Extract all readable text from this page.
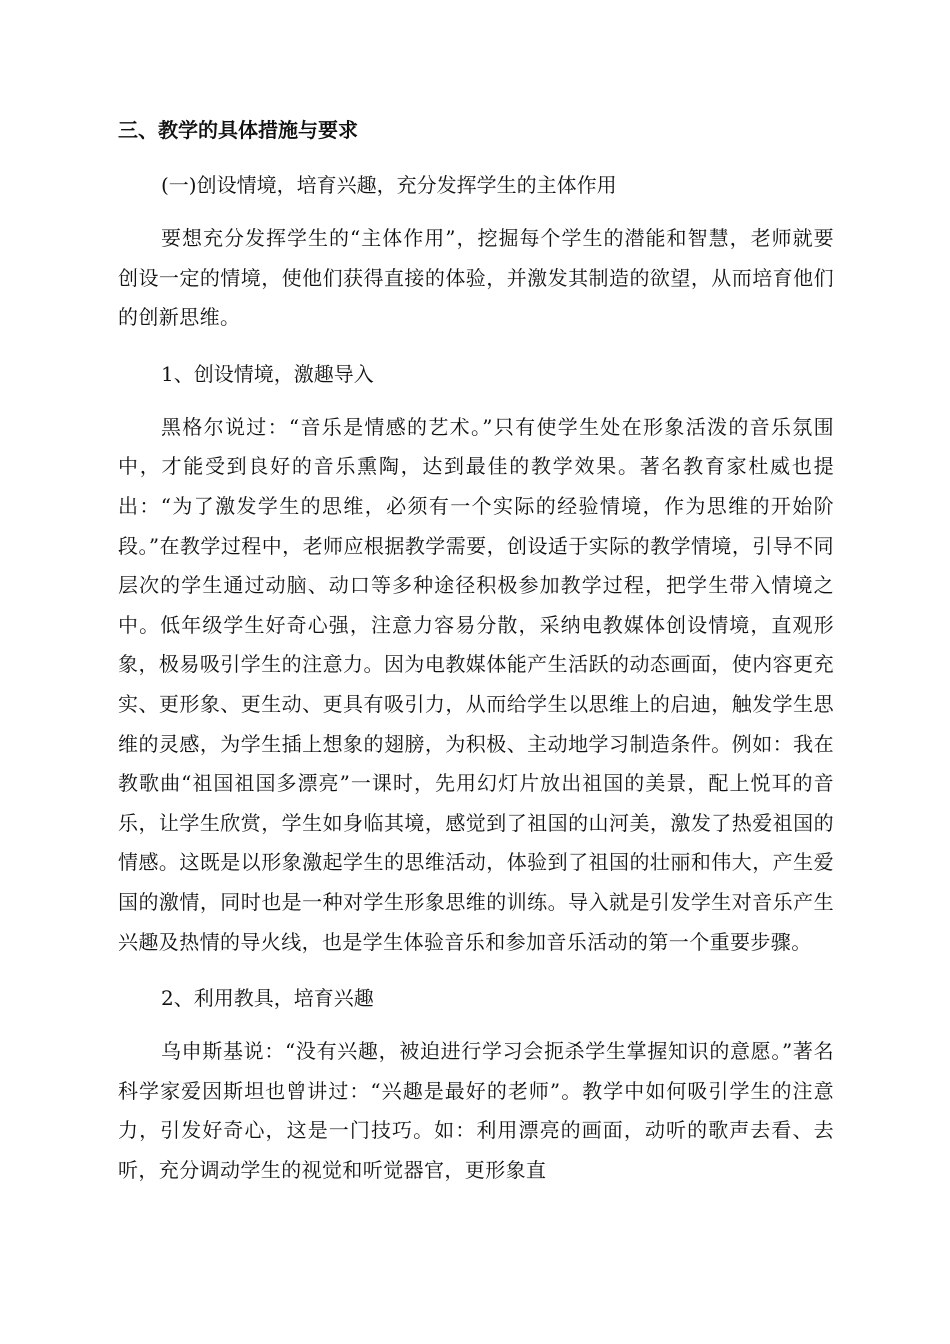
三、教学的具体措施与要求
(一)创设情境，培育兴趣，充分发挥学生的主体作用

要想充分发挥学生的“主体作用”，挖掘每个学生的潜能和智慧，老师就要创设一定的情境，使他们获得直接的体验，并激发其制造的欲望，从而培育他们的创新思维。

1、创设情境，激趣导入

黑格尔说过：“音乐是情感的艺术。”只有使学生处在形象活泼的音乐氛围中，才能受到良好的音乐熏陶，达到最佳的教学效果。著名教育家杜威也提出：“为了激发学生的思维，必须有一个实际的经验情境，作为思维的开始阶段。”在教学过程中，老师应根据教学需要，创设适于实际的教学情境，引导不同层次的学生通过动脑、动口等多种途径积极参加教学过程，把学生带入情境之中。低年级学生好奇心强，注意力容易分散，采纳电教媒体创设情境，直观形象，极易吸引学生的注意力。因为电教媒体能产生活跃的动态画面，使内容更充实、更形象、更生动、更具有吸引力，从而给学生以思维上的启迪，触发学生思维的灵感，为学生插上想象的翅膀，为积极、主动地学习制造条件。例如：我在教歌曲“祖国祖国多漂亮”一课时，先用幻灯片放出祖国的美景，配上悦耳的音乐，让学生欣赏，学生如身临其境，感觉到了祖国的山河美，激发了热爱祖国的情感。这既是以形象激起学生的思维活动，体验到了祖国的壮丽和伟大，产生爱国的激情，同时也是一种对学生形象思维的训练。导入就是引发学生对音乐产生兴趣及热情的导火线，也是学生体验音乐和参加音乐活动的第一个重要步骤。

2、利用教具，培育兴趣

乌申斯基说：“没有兴趣，被迫进行学习会扼杀学生掌握知识的意愿。”著名科学家爱因斯坦也曾讲过：“兴趣是最好的老师”。教学中如何吸引学生的注意力，引发好奇心，这是一门技巧。如：利用漂亮的画面，动听的歌声去看、去听，充分调动学生的视觉和听觉器官，更形象直
